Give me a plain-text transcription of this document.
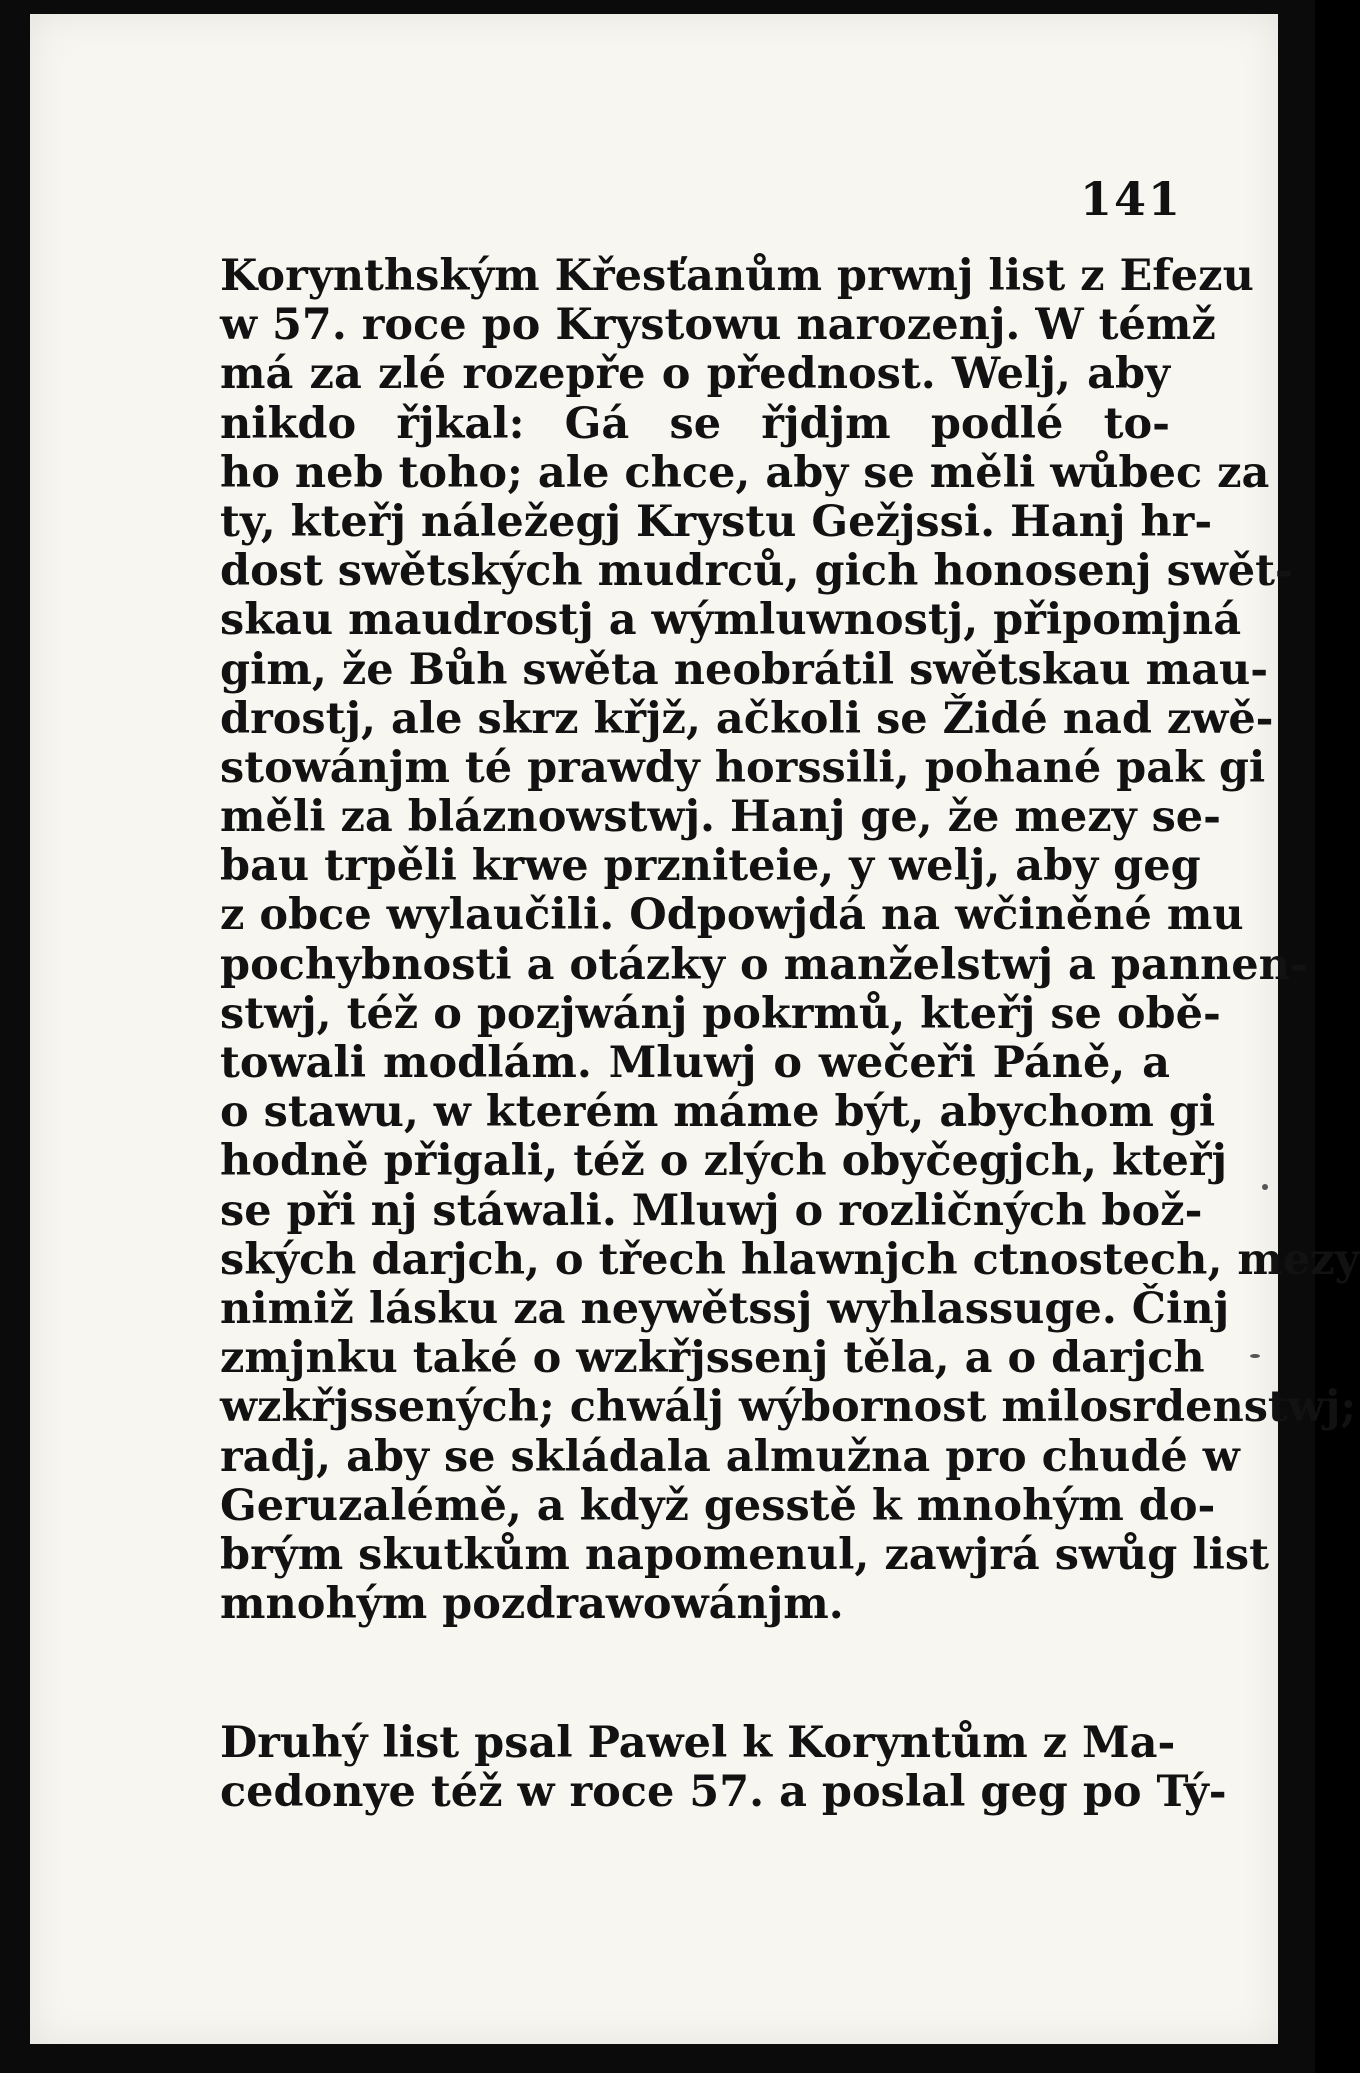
141
Korynthským Křesťanům prwnj list z Efezu
w 57. roce po Krystowu narozenj. W témž
má za zlé rozepře o přednost. Welj, aby
nikdo řjkal: Gá se řjdjm podlé to-
ho neb toho; ale chce, aby se měli wůbec za
ty, kteřj náležegj Krystu Gežjssi. Hanj hr-
dost swětských mudrců, gich honosenj swět-
skau maudrostj a wýmluwnostj, připomjná
gim, že Bůh swěta neobrátil swětskau mau-
drostj, ale skrz křjž, ačkoli se Židé nad zwě-
stowánjm té prawdy horssili, pohané pak gi
měli za bláznowstwj. Hanj ge, že mezy se-
bau trpěli krwe przniteie, y welj, aby geg
z obce wylaučili. Odpowjdá na wčiněné mu
pochybnosti a otázky o manželstwj a pannen-
stwj, též o pozjwánj pokrmů, kteřj se obě-
towali modlám. Mluwj o wečeři Páně, a
o stawu, w kterém máme být, abychom gi
hodně přigali, též o zlých obyčegjch, kteřj
se při nj stáwali. Mluwj o rozličných bož-
ských darjch, o třech hlawnjch ctnostech, mezy
nimiž lásku za neywětssj wyhlassuge. Činj
zmjnku také o wzkřjssenj těla, a o darjch
wzkřjssených; chwálj wýbornost milosrdenstwj;
radj, aby se skládala almužna pro chudé w
Geruzalémě, a když gesstě k mnohým do-
brým skutkům napomenul, zawjrá swůg list
mnohým pozdrawowánjm.
Druhý list psal Pawel k Koryntům z Ma-
cedonye též w roce 57. a poslal geg po Tý-
